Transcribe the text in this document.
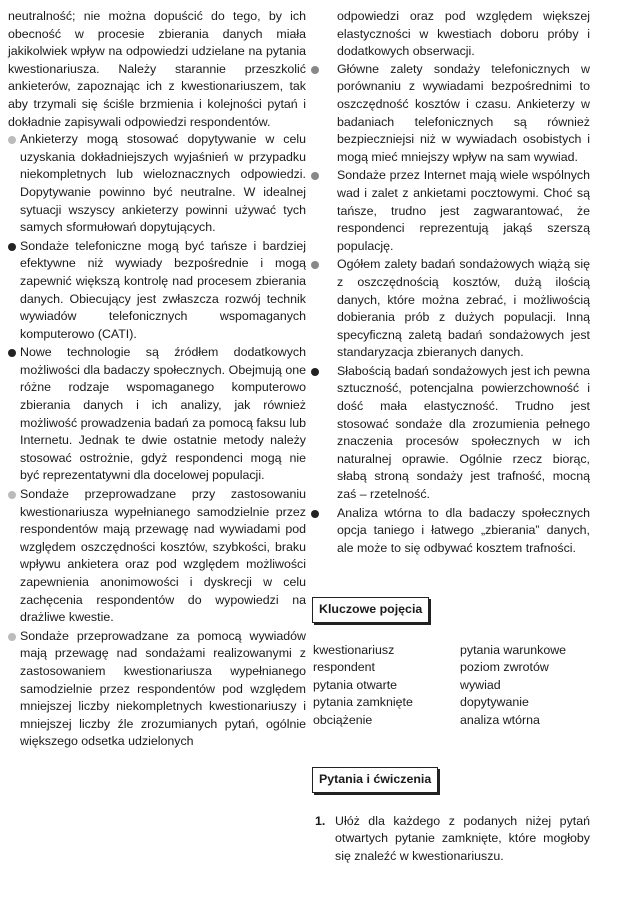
neutralność; nie można dopuścić do tego, by ich obecność w procesie zbierania danych miała jakikolwiek wpływ na odpowiedzi udzielane na pytania kwestionariusza. Należy starannie przeszkolić ankieterów, zapoznając ich z kwestionariuszem, tak aby trzymali się ściśle brzmienia i kolejności pytań i dokładnie zapisywali odpowiedzi respondentów.

Ankieterzy mogą stosować dopytywanie w celu uzyskania dokładniejszych wyjaśnień w przypadku niekompletnych lub wieloznacznych odpowiedzi. Dopytywanie powinno być neutralne. W idealnej sytuacji wszyscy ankieterzy powinni używać tych samych sformułowań dopytujących.

Sondaże telefoniczne mogą być tańsze i bardziej efektywne niż wywiady bezpośrednie i mogą zapewnić większą kontrolę nad procesem zbierania danych. Obiecujący jest zwłaszcza rozwój technik wywiadów telefonicznych wspomaganych komputerowo (CATI).

Nowe technologie są źródłem dodatkowych możliwości dla badaczy społecznych. Obejmują one różne rodzaje wspomaganego komputerowo zbierania danych i ich analizy, jak również możliwość prowadzenia badań za pomocą faksu lub Internetu. Jednak te dwie ostatnie metody należy stosować ostrożnie, gdyż respondenci mogą nie być reprezentatywni dla docelowej populacji.

Sondaże przeprowadzane przy zastosowaniu kwestionariusza wypełnianego samodzielnie przez respondentów mają przewagę nad wywiadami pod względem oszczędności kosztów, szybkości, braku wpływu ankietera oraz pod względem możliwości zapewnienia anonimowości i dyskrecji w celu zachęcenia respondentów do wypowiedzi na drażliwe kwestie.

Sondaże przeprowadzane za pomocą wywiadów mają przewagę nad sondażami realizowanymi z zastosowaniem kwestionariusza wypełnianego samodzielnie przez respondentów pod względem mniejszej liczby niekompletnych kwestionariuszy i mniejszej liczby źle zrozumianych pytań, ogólnie większego odsetka udzielonych

odpowiedzi oraz pod względem większej elastyczności w kwestiach doboru próby i dodatkowych obserwacji.

Główne zalety sondaży telefonicznych w porównaniu z wywiadami bezpośrednimi to oszczędność kosztów i czasu. Ankieterzy w badaniach telefonicznych są również bezpieczniejsi niż w wywiadach osobistych i mogą mieć mniejszy wpływ na sam wywiad.

Sondaże przez Internet mają wiele wspólnych wad i zalet z ankietami pocztowymi. Choć są tańsze, trudno jest zagwarantować, że respondenci reprezentują jakąś szerszą populację.

Ogółem zalety badań sondażowych wiążą się z oszczędnością kosztów, dużą ilością danych, które można zebrać, i możliwością dobierania prób z dużych populacji. Inną specyficzną zaletą badań sondażowych jest standaryzacja zbieranych danych.

Słabością badań sondażowych jest ich pewna sztuczność, potencjalna powierzchowność i dość mała elastyczność. Trudno jest stosować sondaże dla zrozumienia pełnego znaczenia procesów społecznych w ich naturalnej oprawie. Ogólnie rzecz biorąc, słabą stroną sondaży jest trafność, mocną zaś – rzetelność.

Analiza wtórna to dla badaczy społecznych opcja taniego i łatwego „zbierania” danych, ale może to się odbywać kosztem trafności.

Kluczowe pojęcia
kwestionariusz	pytania warunkowe
respondent	poziom zwrotów
pytania otwarte	wywiad
pytania zamknięte	dopytywanie
obciążenie	analiza wtórna
Pytania i ćwiczenia
1. Ułóż dla każdego z podanych niżej pytań otwartych pytanie zamknięte, które mogłoby się znaleźć w kwestionariuszu.
